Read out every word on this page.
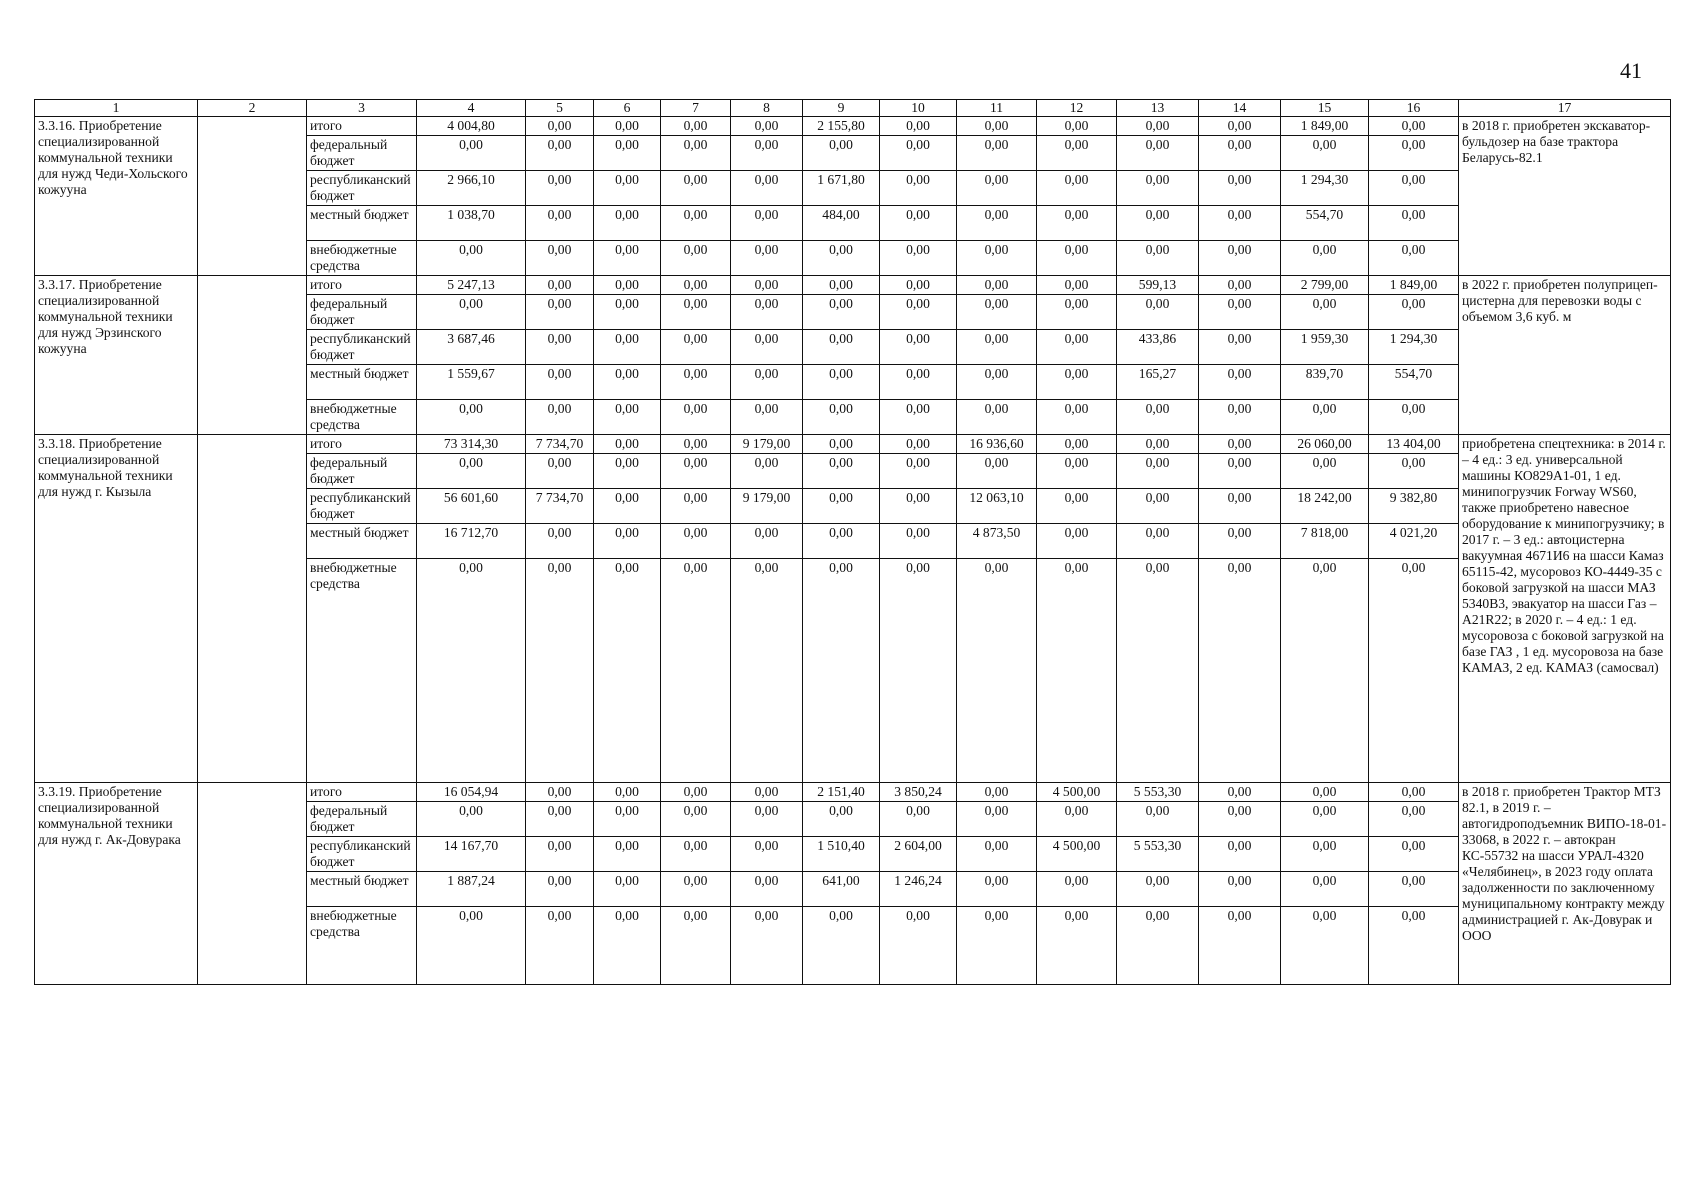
41
1	2	3	4	5	6	7	8	9	10	11	12	13	14	15	16	17
3.3.16. Приобретение специализированной коммунальной техники для нужд Чеди-Хольского кожууна		итого	4 004,80	0,00	0,00	0,00	0,00	2 155,80	0,00	0,00	0,00	0,00	0,00	1 849,00	0,00	в 2018 г. приобретен экскаватор-бульдозер на базе трактора Беларусь-82.1
		федеральный бюджет	0,00	0,00	0,00	0,00	0,00	0,00	0,00	0,00	0,00	0,00	0,00	0,00	0,00	
		республиканский бюджет	2 966,10	0,00	0,00	0,00	0,00	1 671,80	0,00	0,00	0,00	0,00	0,00	1 294,30	0,00	
		местный бюджет	1 038,70	0,00	0,00	0,00	0,00	484,00	0,00	0,00	0,00	0,00	0,00	554,70	0,00	
		внебюджетные средства	0,00	0,00	0,00	0,00	0,00	0,00	0,00	0,00	0,00	0,00	0,00	0,00	0,00	
3.3.17. Приобретение специализированной коммунальной техники для нужд Эрзинского кожууна		итого	5 247,13	0,00	0,00	0,00	0,00	0,00	0,00	0,00	0,00	599,13	0,00	2 799,00	1 849,00	в 2022 г. приобретен полуприцеп-цистерна для перевозки воды с объемом 3,6 куб. м
		федеральный бюджет	0,00	0,00	0,00	0,00	0,00	0,00	0,00	0,00	0,00	0,00	0,00	0,00	0,00	
		республиканский бюджет	3 687,46	0,00	0,00	0,00	0,00	0,00	0,00	0,00	0,00	433,86	0,00	1 959,30	1 294,30	
		местный бюджет	1 559,67	0,00	0,00	0,00	0,00	0,00	0,00	0,00	0,00	165,27	0,00	839,70	554,70	
		внебюджетные средства	0,00	0,00	0,00	0,00	0,00	0,00	0,00	0,00	0,00	0,00	0,00	0,00	0,00	
3.3.18. Приобретение специализированной коммунальной техники для нужд г. Кызыла		итого	73 314,30	7 734,70	0,00	0,00	9 179,00	0,00	0,00	16 936,60	0,00	0,00	0,00	26 060,00	13 404,00	приобретена спецтехника: в 2014 г. – 4 ед.: 3 ед. универсальной машины КО829А1-01, 1 ед. минипогрузчик Forway WS60, также приобретено навесное оборудование к минипогрузчику; в 2017 г. – 3 ед.: автоцистерна вакуумная 4671И6 на шасси Камаз 65115-42, мусоровоз КО-4449-35 с боковой загрузкой на шасси МАЗ 5340В3, эвакуатор на шасси Газ – А21R22; в 2020 г. – 4 ед.: 1 ед. мусоровоза с боковой загрузкой на базе ГАЗ , 1 ед. мусоровоза на базе КАМАЗ, 2 ед. КАМАЗ (самосвал)
		федеральный бюджет	0,00	0,00	0,00	0,00	0,00	0,00	0,00	0,00	0,00	0,00	0,00	0,00	0,00	
		республиканский бюджет	56 601,60	7 734,70	0,00	0,00	9 179,00	0,00	0,00	12 063,10	0,00	0,00	0,00	18 242,00	9 382,80	
		местный бюджет	16 712,70	0,00	0,00	0,00	0,00	0,00	0,00	4 873,50	0,00	0,00	0,00	7 818,00	4 021,20	
		внебюджетные средства	0,00	0,00	0,00	0,00	0,00	0,00	0,00	0,00	0,00	0,00	0,00	0,00	0,00	
3.3.19. Приобретение специализированной коммунальной техники для нужд г. Ак-Довурака		итого	16 054,94	0,00	0,00	0,00	0,00	2 151,40	3 850,24	0,00	4 500,00	5 553,30	0,00	0,00	0,00	в 2018 г. приобретен Трактор МТЗ 82.1, в 2019 г. – автогидроподъемник ВИПО-18-01-33068, в 2022 г. – автокран КС-55732 на шасси УРАЛ-4320 «Челябинец», в 2023 году оплата задолженности по заключенному муниципальному контракту между администрацией г. Ак-Довурак и ООО
		федеральный бюджет	0,00	0,00	0,00	0,00	0,00	0,00	0,00	0,00	0,00	0,00	0,00	0,00	0,00	
		республиканский бюджет	14 167,70	0,00	0,00	0,00	0,00	1 510,40	2 604,00	0,00	4 500,00	5 553,30	0,00	0,00	0,00	
		местный бюджет	1 887,24	0,00	0,00	0,00	0,00	641,00	1 246,24	0,00	0,00	0,00	0,00	0,00	0,00	
		внебюджетные средства	0,00	0,00	0,00	0,00	0,00	0,00	0,00	0,00	0,00	0,00	0,00	0,00	0,00	
